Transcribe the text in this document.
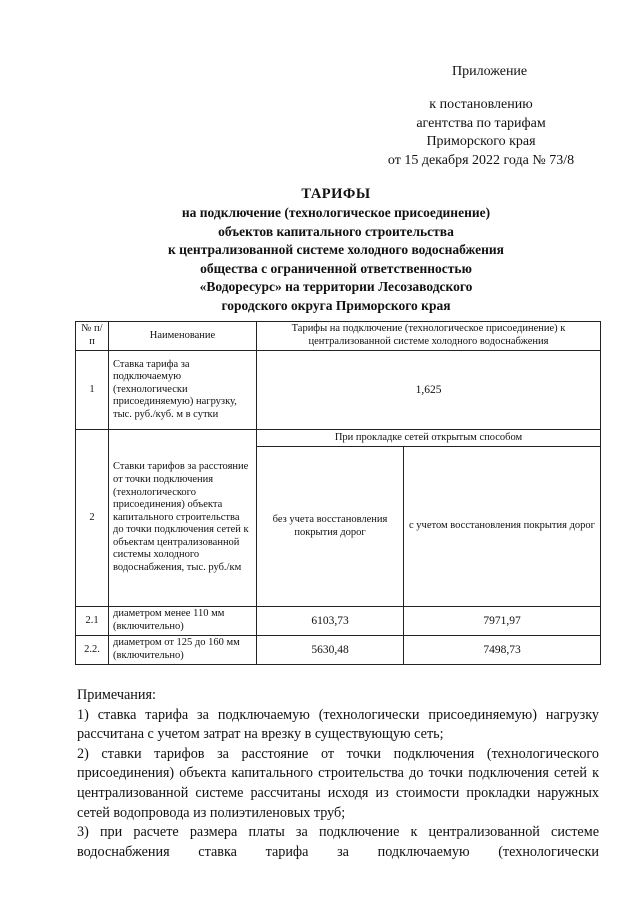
Приложение
к постановлению
агентства по тарифам
Приморского края
от 15 декабря 2022 года № 73/8
ТАРИФЫ
на подключение (технологическое присоединение)
объектов капитального строительства
к централизованной системе холодного водоснабжения
общества с ограниченной ответственностью
«Водоресурс» на территории Лесозаводского
городского округа Приморского края
№ п/п	Наименование	Тарифы на подключение (технологическое присоединение) к централизованной системе холодного водоснабжения	
1	Ставка тарифа за подключаемую (технологически присоединяемую) нагрузку, тыс. руб./куб. м в сутки	1,625	
2	Ставки тарифов за расстояние от точки подключения (технологического присоединения) объекта капитального строительства до точки подключения сетей к объектам централизованной системы холодного водоснабжения, тыс. руб./км	При прокладке сетей открытым способом	
		без учета восстановления покрытия дорог	с учетом восстановления покрытия дорог
2.1	диаметром менее 110 мм (включительно)	6103,73	7971,97
2.2.	диаметром от 125 до 160 мм (включительно)	5630,48	7498,73
Примечания:
1) ставка тарифа за подключаемую (технологически присоединяемую) нагрузку
рассчитана с учетом затрат на врезку в существующую сеть;
2) ставки тарифов за расстояние от точки подключения (технологического присоединения) объекта капитального строительства до точки подключения сетей к централизованной системе рассчитаны исходя из стоимости прокладки наружных сетей водопровода из полиэтиленовых труб;
3) при расчете размера платы за подключение к централизованной системе
водоснабжения ставка тарифа за подключаемую (технологически
